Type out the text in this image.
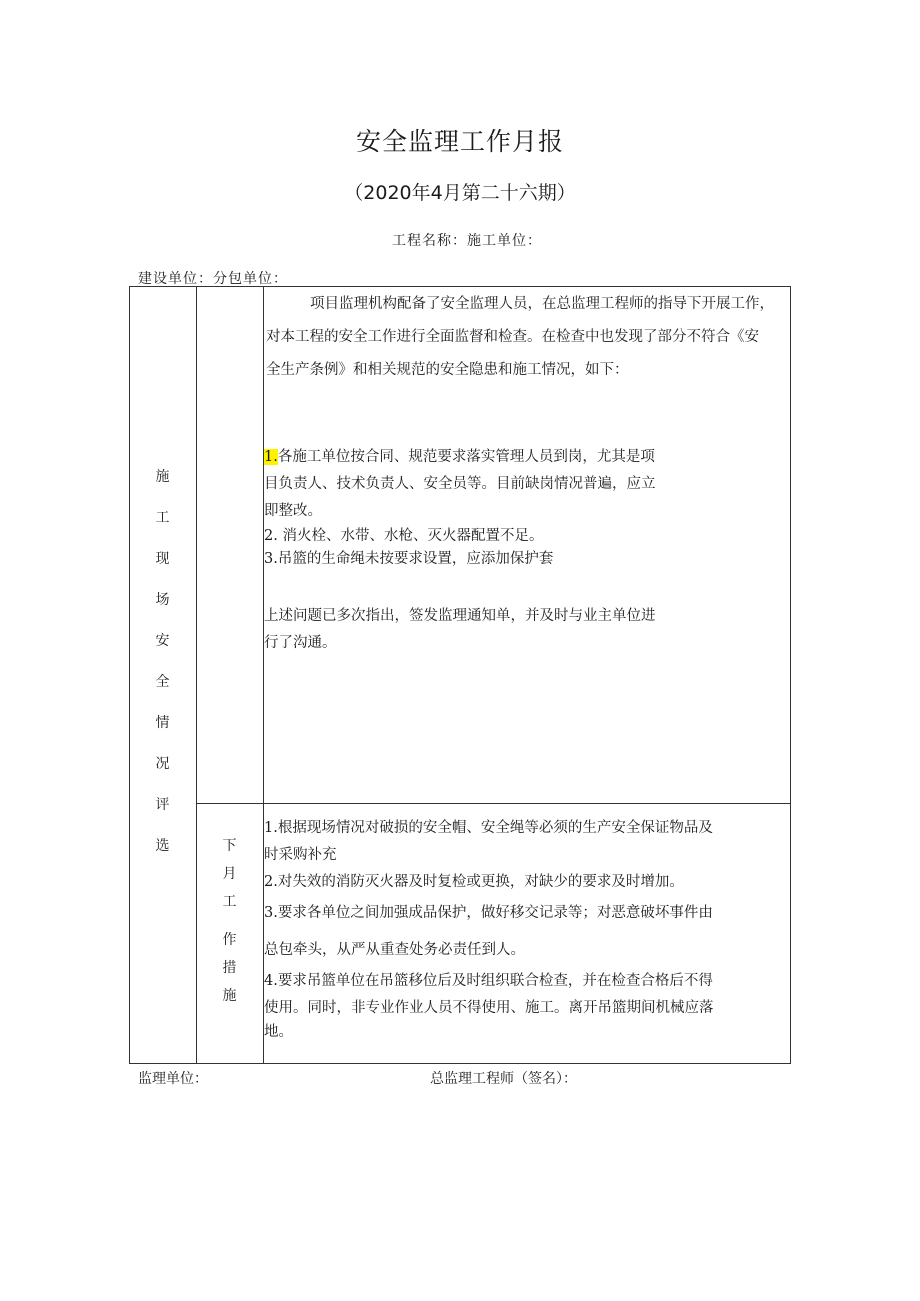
安全监理工作月报
（2020年4月第二十六期）
工程名称：施工单位：
建设单位：分包单位：
施
工
现
场
安
全
情
况
评
选
项目监理机构配备了安全监理人员，在总监理工程师的指导下开展工作，
对本工程的安全工作进行全面监督和检查。在检查中也发现了部分不符合《安
全生产条例》和相关规范的安全隐患和施工情况，如下：
1.各施工单位按合同、规范要求落实管理人员到岗，尤其是项
目负责人、技术负责人、安全员等。目前缺岗情况普遍，应立
即整改。
2. 消火栓、水带、水枪、灭火器配置不足。
3.吊篮的生命绳未按要求设置，应添加保护套
上述问题已多次指出，签发监理通知单，并及时与业主单位进
行了沟通。
下
月
工
作
措
施
1.根据现场情况对破损的安全帽、安全绳等必须的生产安全保证物品及
时采购补充
2.对失效的消防灭火器及时复检或更换，对缺少的要求及时增加。
3.要求各单位之间加强成品保护，做好移交记录等；对恶意破坏事件由
总包牵头，从严从重查处务必责任到人。
4.要求吊篮单位在吊篮移位后及时组织联合检查，并在检查合格后不得
使用。同时，非专业作业人员不得使用、施工。离开吊篮期间机械应落
地。
监理单位：	总监理工程师（签名）：
